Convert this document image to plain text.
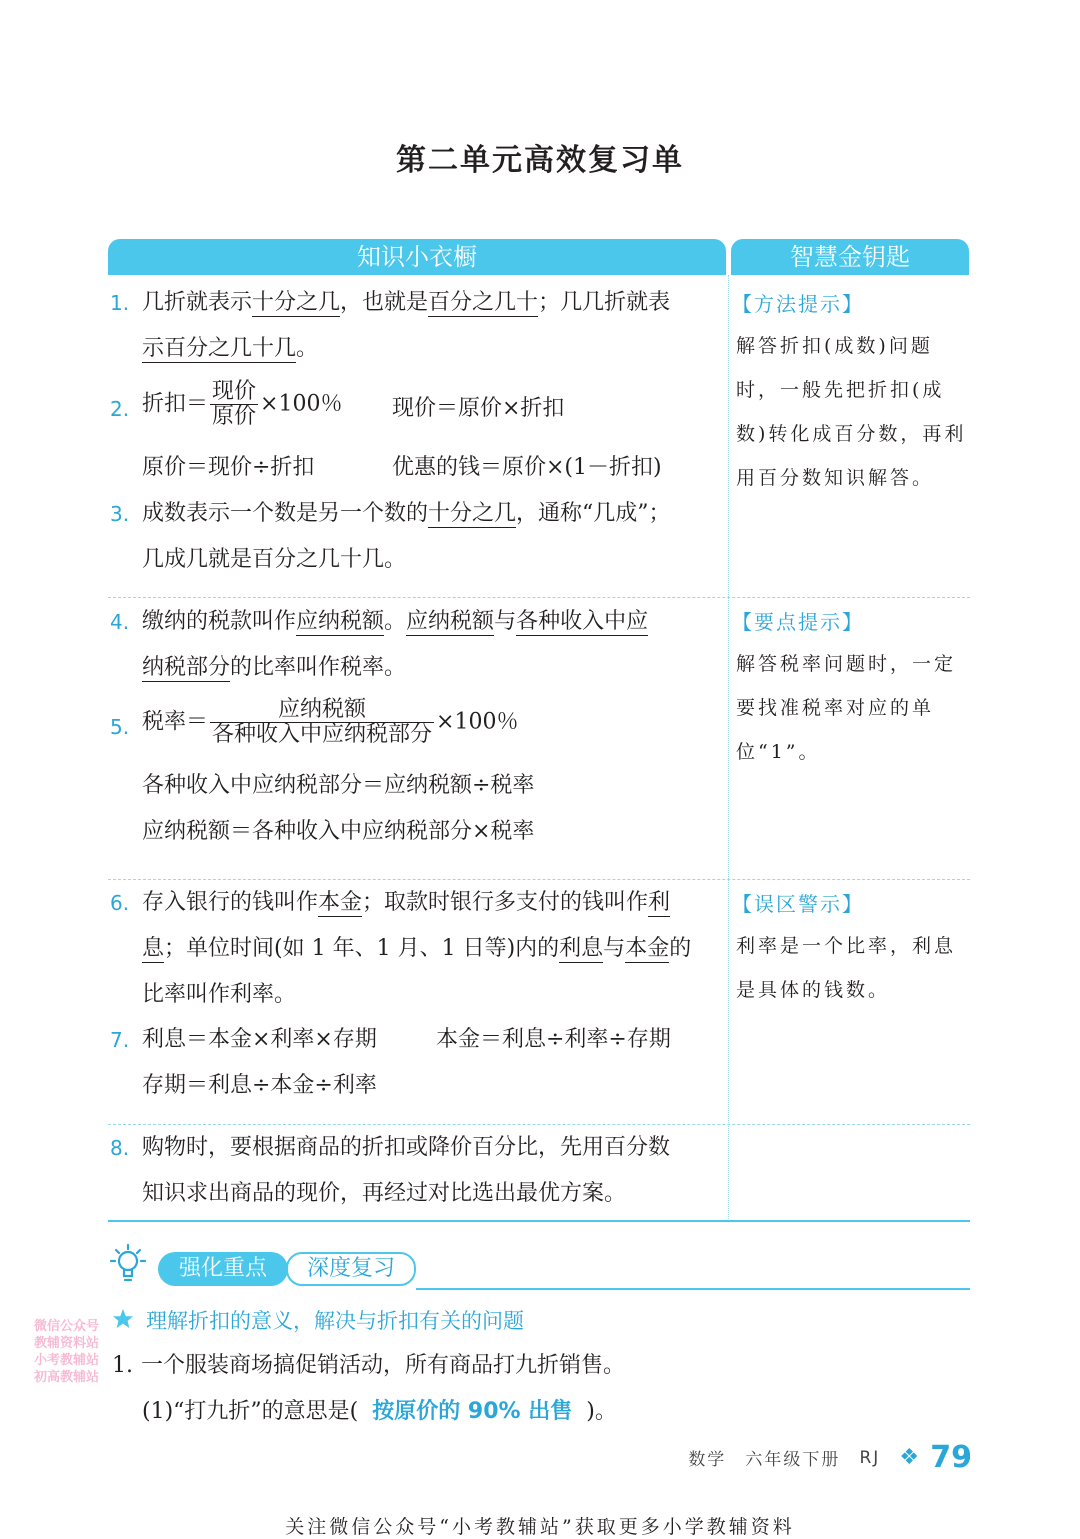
第二单元高效复习单
知识小衣橱	智慧金钥匙
1. 几折就表示十分之几，也就是百分之几十；几几折就表
示百分之几十几。
2. 折扣＝ $\frac{\text{现价}}{\text{原价}} \times 100$％ 现价＝原价×折扣
原价＝现价÷折扣	优惠的钱＝原价×(1－折扣)
3. 成数表示一个数是另一个数的十分之几，通称“几成”；
几成几就是百分之几十几。
【方法提示】
解答折扣(成数)问题时，一般先把折扣(成数)转化成百分数，再利用百分数知识解答。
4. 缴纳的税款叫作应纳税额。应纳税额与各种收入中应
纳税部分的比率叫作税率。
5. 税率＝ $\frac{\text{应纳税额}}{\text{各种收入中应纳税部分}} \times 100$％
各种收入中应纳税部分＝应纳税额÷税率
应纳税额＝各种收入中应纳税部分×税率
【要点提示】
解答税率问题时，一定要找准税率对应的单位“1”。
6. 存入银行的钱叫作本金；取款时银行多支付的钱叫作利
息；单位时间(如 1 年、1 月、1 日等)内的利息与本金的
比率叫作利率。
7. 利息＝本金×利率×存期	本金＝利息÷利率÷存期
存期＝利息÷本金÷利率
【误区警示】
利率是一个比率，利息是具体的钱数。
8. 购物时，要根据商品的折扣或降价百分比，先用百分数
知识求出商品的现价，再经过对比选出最优方案。
强化重点	深度复习
理解折扣的意义，解决与折扣有关的问题
微信公众号
教辅资料站
小考教辅站
初高教辅站 1. 一个服装商场搞促销活动，所有商品打九折销售。
(1)“打九折”的意思是( 按原价的 90% 出售 )。
数学 六年级下册 RJ ❖ 79
关注微信公众号“小考教辅站”获取更多小学教辅资料
